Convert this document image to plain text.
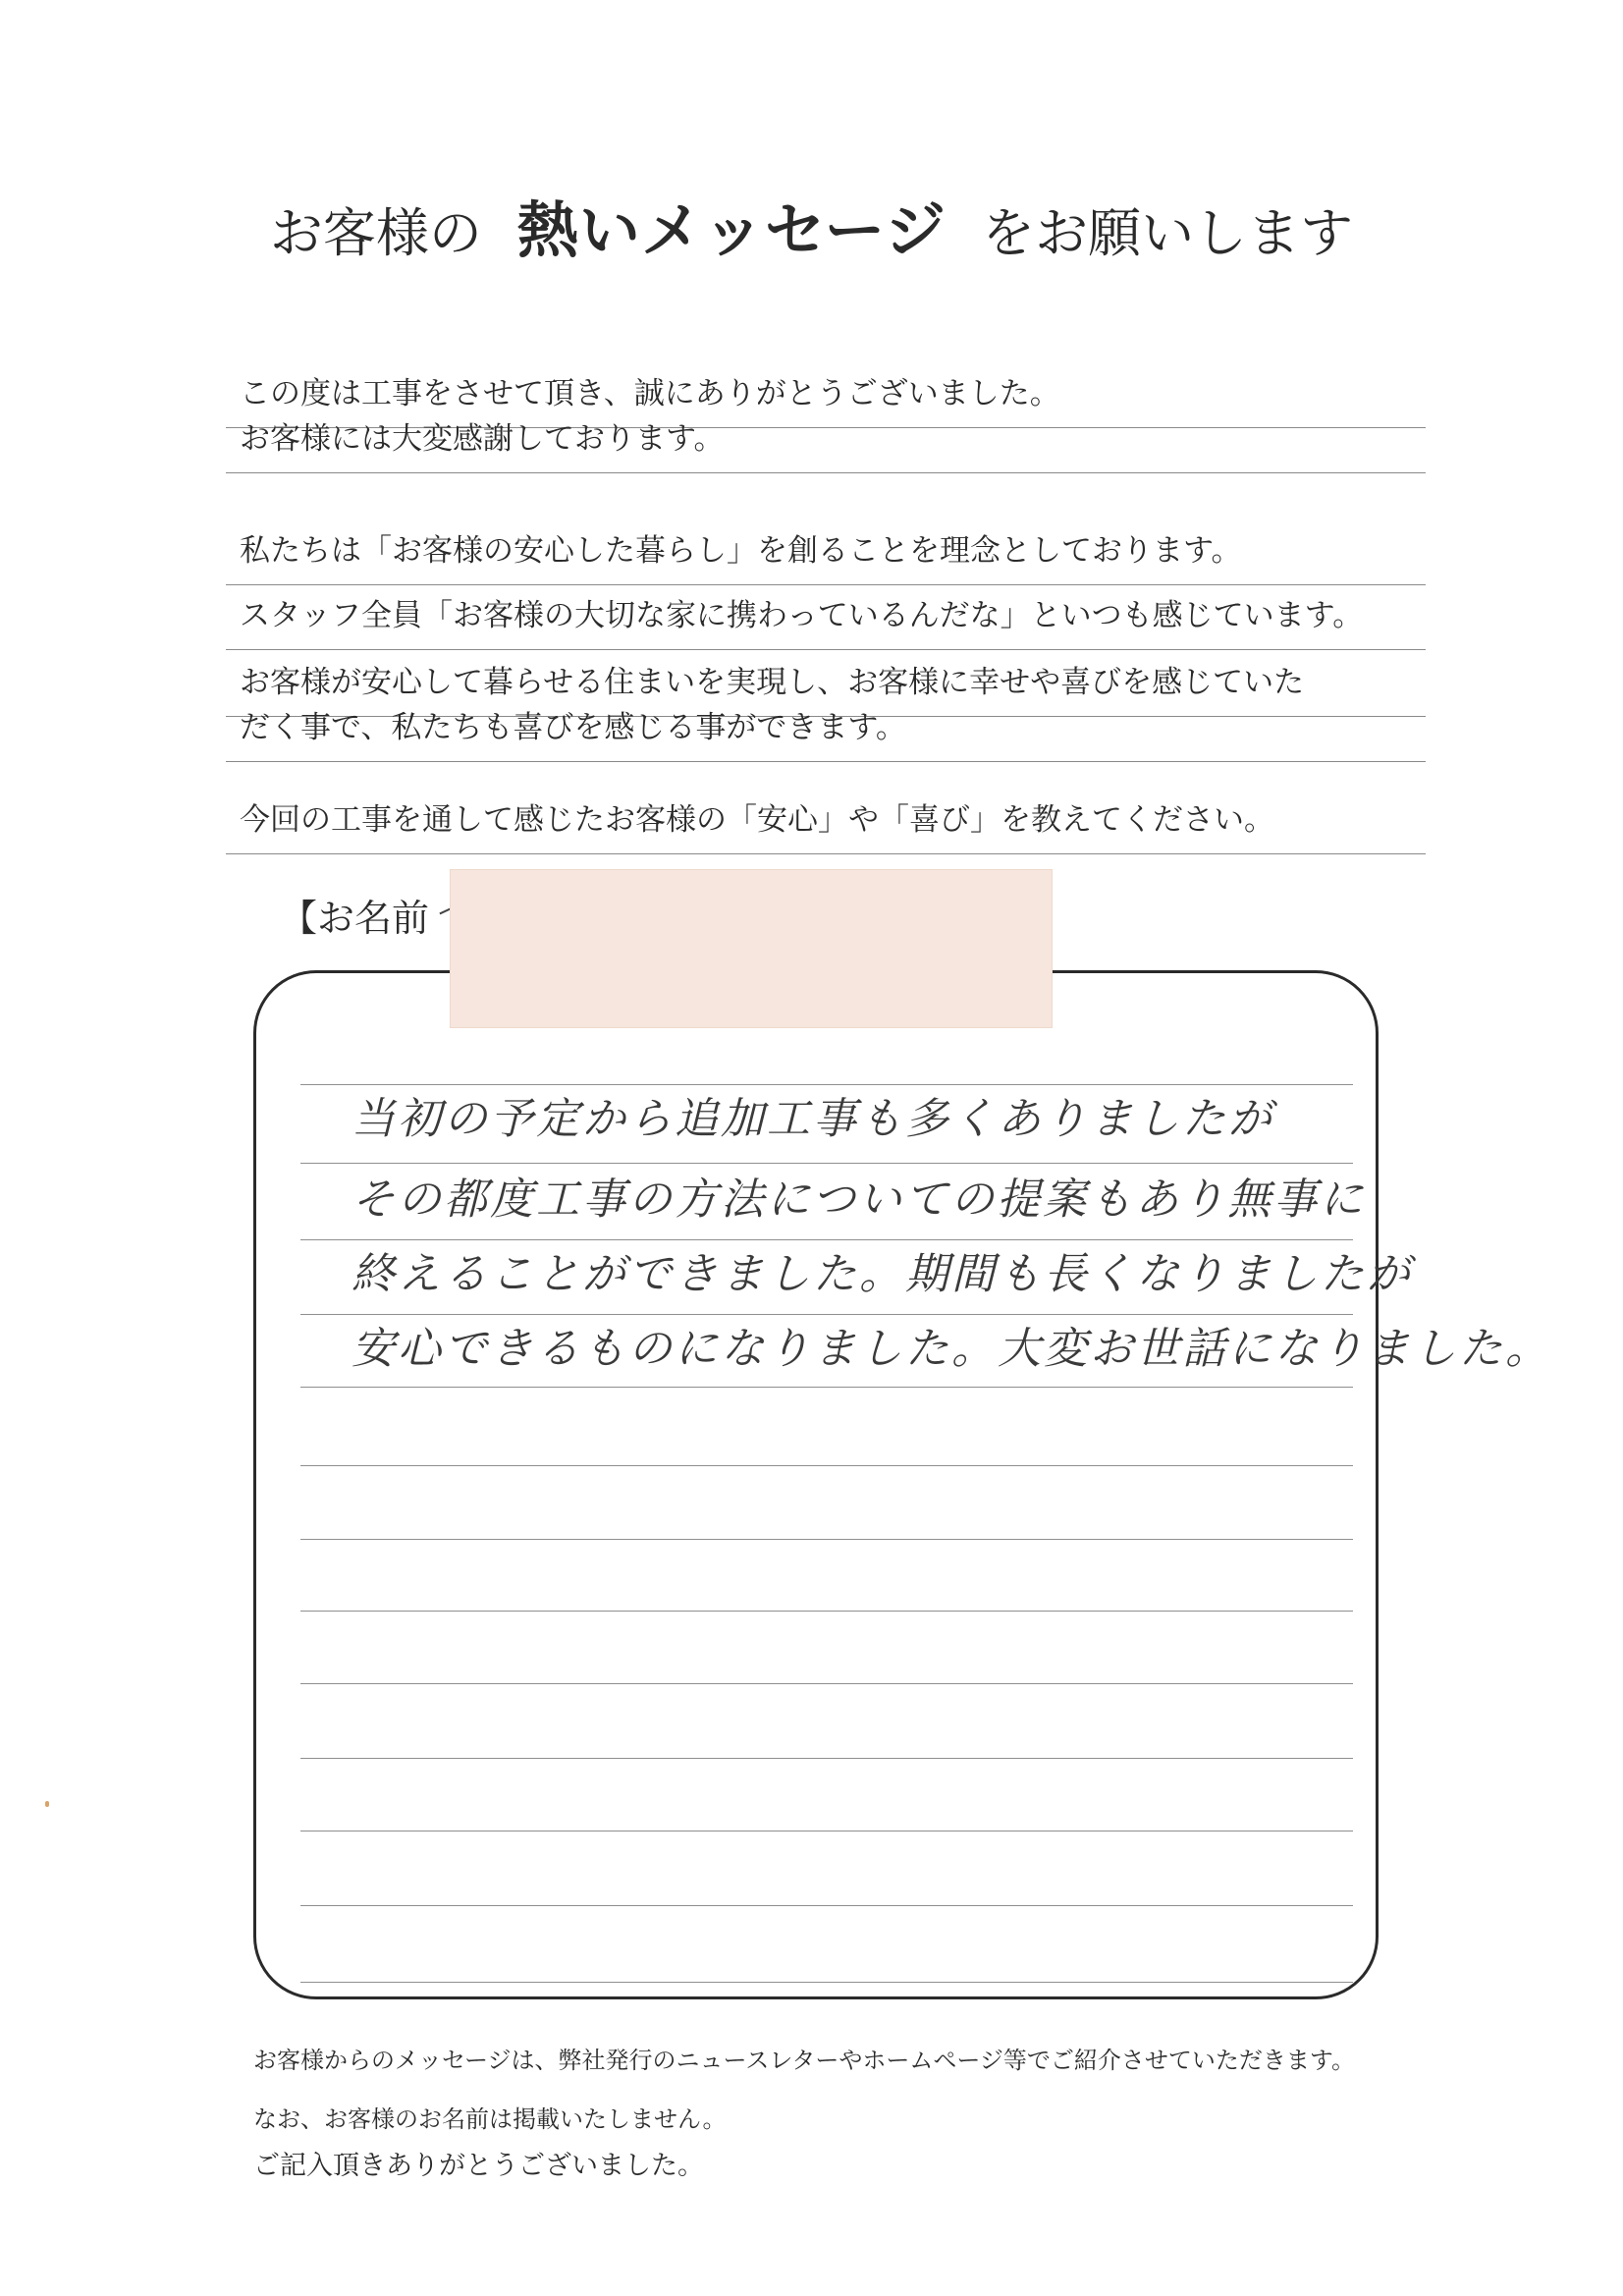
お客様の 熱いメッセージ をお願いします
この度は工事をさせて頂き、誠にありがとうございました。
お客様には大変感謝しております。
私たちは「お客様の安心した暮らし」を創ることを理念としております。
スタッフ全員「お客様の大切な家に携わっているんだな」といつも感じています。
お客様が安心して暮らせる住まいを実現し、お客様に幸せや喜びを感じていた
だく事で、私たちも喜びを感じる事ができます。
今回の工事を通して感じたお客様の「安心」や「喜び」を教えてください。
【お名前
当初の予定から追加工事も多くありましたが
その都度工事の方法についての提案もあり無事に
終えることができました。期間も長くなりましたが
安心できるものになりました。大変お世話になりました。
お客様からのメッセージは、弊社発行のニュースレターやホームページ等でご紹介させていただきます。
なお、お客様のお名前は掲載いたしません。
ご記入頂きありがとうございました。
